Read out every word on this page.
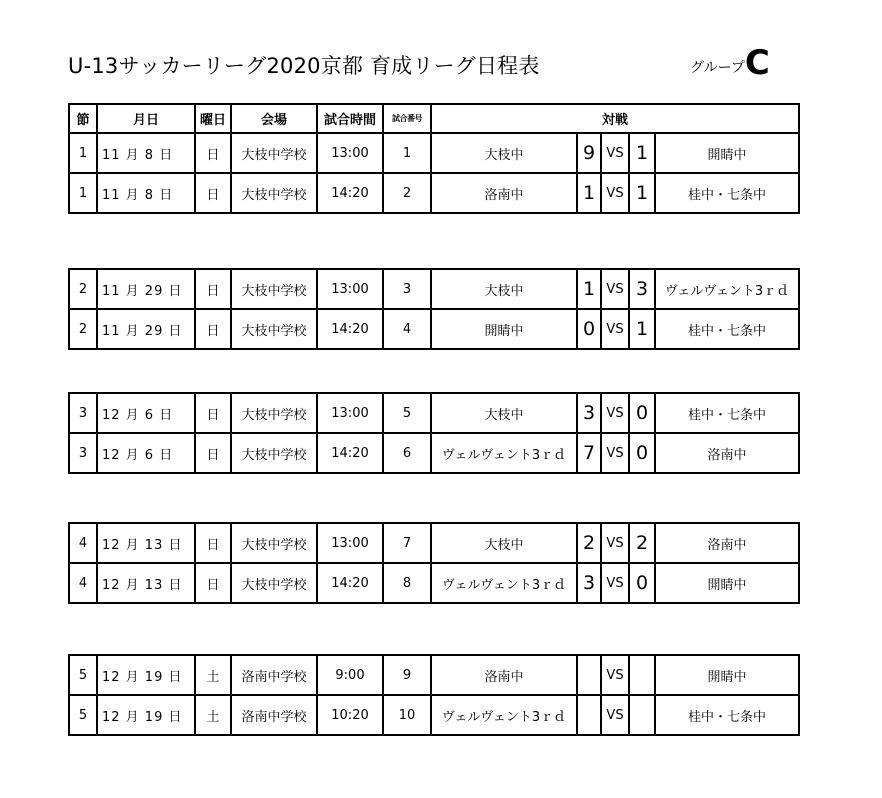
U-13サッカーリーグ2020京都 育成リーグ日程表	グループC
節	月日	曜日	会場	試合時間	試合番号	対戦				
1	11 月 8 日	日	大枝中学校	13:00	1	大枝中	9	VS	1	開睛中
1	11 月 8 日	日	大枝中学校	14:20	2	洛南中	1	VS	1	桂中・七条中
2	11 月 29 日	日	大枝中学校	13:00	3	大枝中	1	VS	3	ヴェルヴェント3ｒｄ
2	11 月 29 日	日	大枝中学校	14:20	4	開睛中	0	VS	1	桂中・七条中
3	12 月 6 日	日	大枝中学校	13:00	5	大枝中	3	VS	0	桂中・七条中
3	12 月 6 日	日	大枝中学校	14:20	6	ヴェルヴェント3ｒｄ	7	VS	0	洛南中
4	12 月 13 日	日	大枝中学校	13:00	7	大枝中	2	VS	2	洛南中
4	12 月 13 日	日	大枝中学校	14:20	8	ヴェルヴェント3ｒｄ	3	VS	0	開睛中
5	12 月 19 日	土	洛南中学校	9:00	9	洛南中		VS		開睛中
5	12 月 19 日	土	洛南中学校	10:20	10	ヴェルヴェント3ｒｄ		VS		桂中・七条中
